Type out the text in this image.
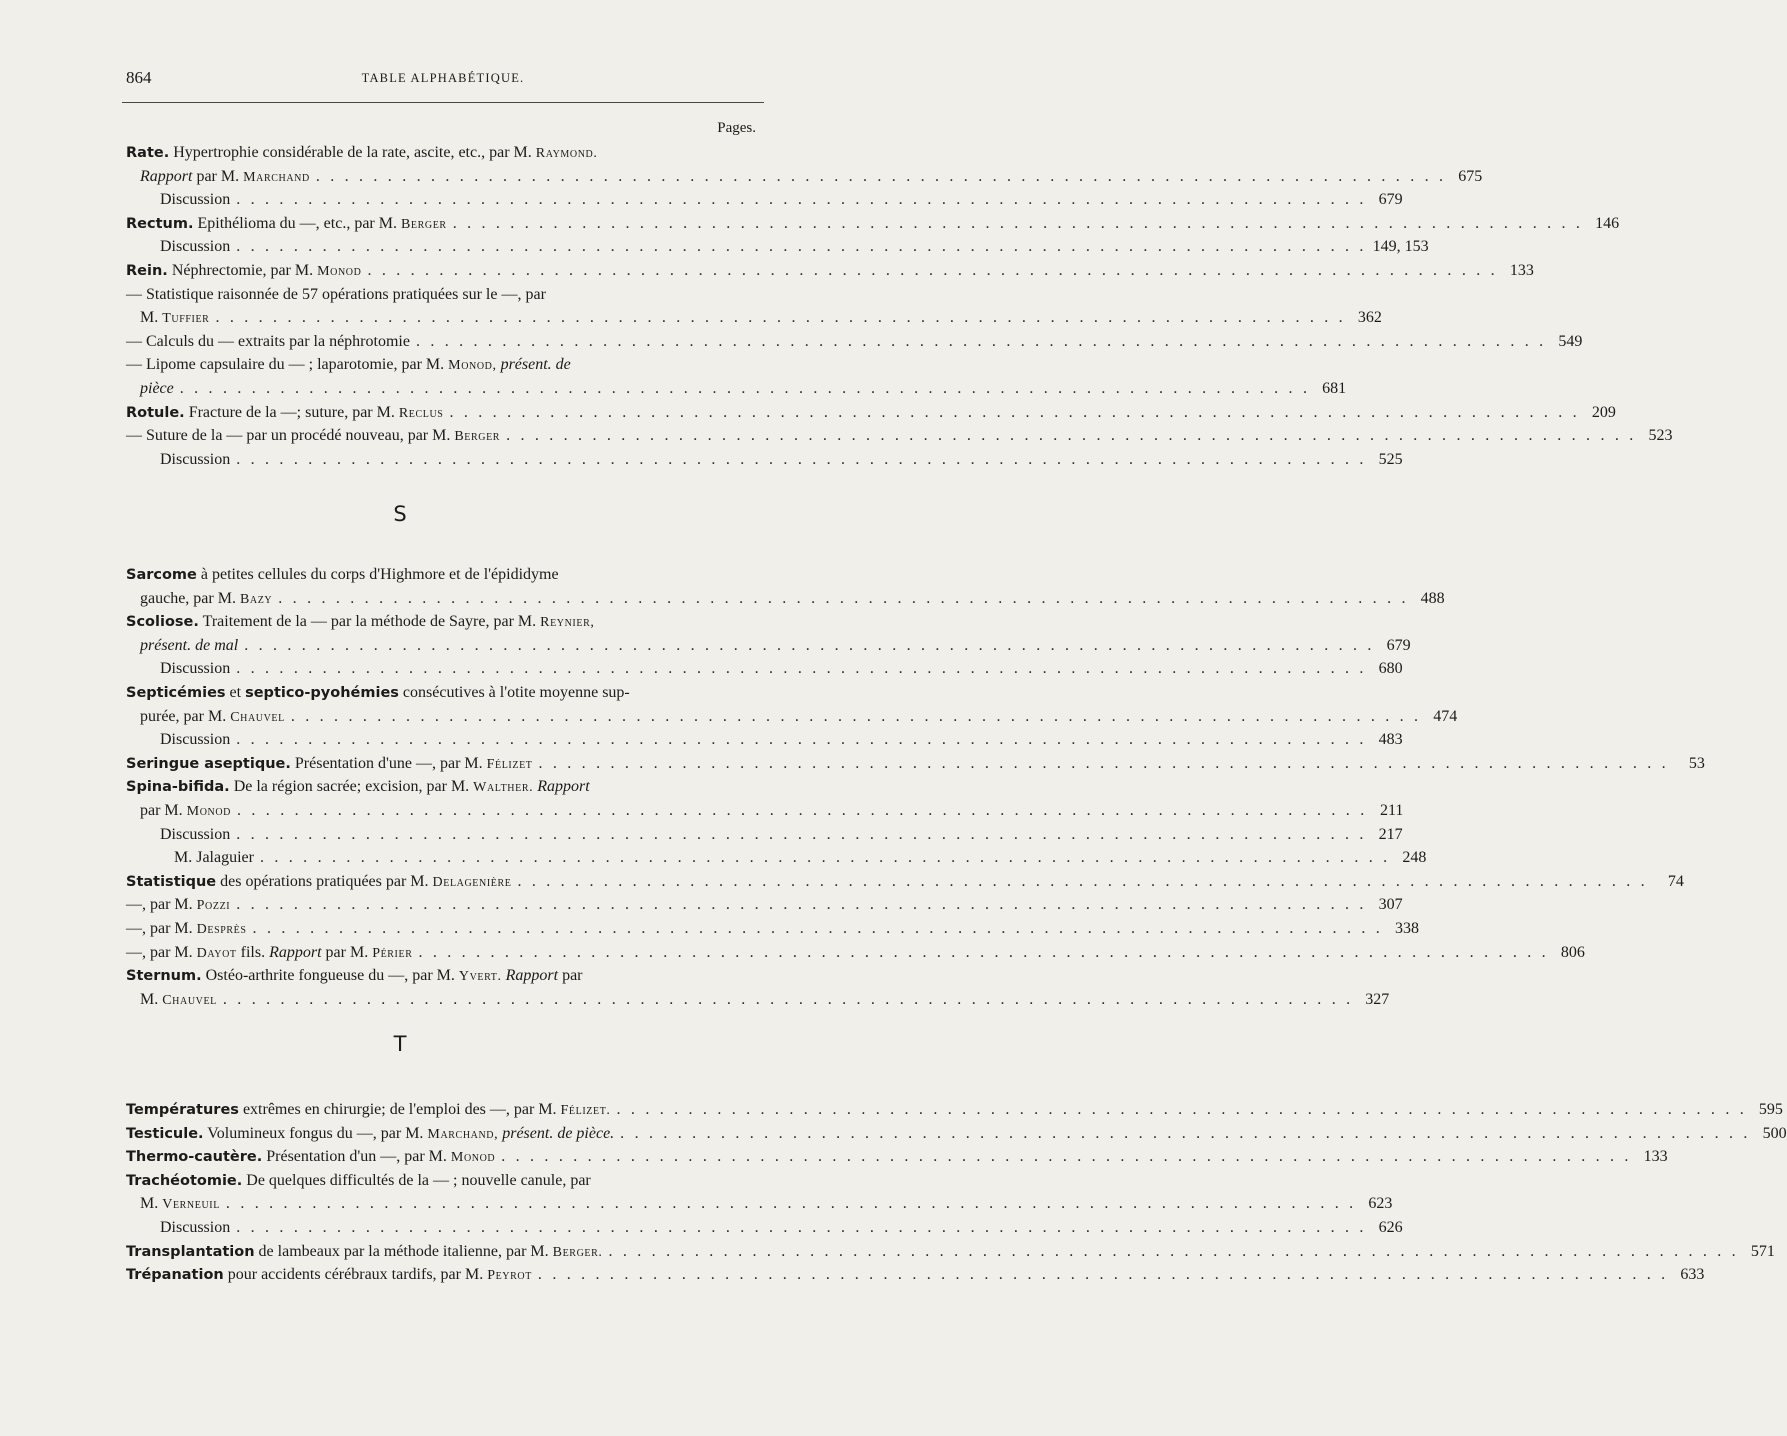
864	TABLE ALPHABÉTIQUE.
Pages.
Rate. Hypertrophie considérable de la rate, ascite, etc., par M. Raymond.
Rapport par M. Marchand . . .	675
Discussion . . .	679
Rectum. Epithélioma du —, etc., par M. Berger . . .	146
Discussion . . .	149, 153
Rein. Néphrectomie, par M. Monod . . .	133
— Statistique raisonnée de 57 opérations pratiquées sur le —, par
M. Tuffier . . .	362
— Calculs du — extraits par la néphrotomie . . .	549
— Lipome capsulaire du — ; laparotomie, par M. Monod, présent. de
pièce . . .	681
Rotule. Fracture de la —; suture, par M. Reclus . . .	209
— Suture de la — par un procédé nouveau, par M. Berger . . .	523
Discussion . . .	525
S
Sarcome à petites cellules du corps d'Highmore et de l'épididyme
gauche, par M. Bazy . . .	488
Scoliose. Traitement de la — par la méthode de Sayre, par M. Reynier,
présent. de mal . . .	679
Discussion . . .	680
Septicémies et septico-pyohémies consécutives à l'otite moyenne sup-
purée, par M. Chauvel . . .	474
Discussion . . .	483
Seringue aseptique. Présentation d'une —, par M. Félizet . . .	53
Spina-bifida. De la région sacrée; excision, par M. Walther. Rapport
par M. Monod . . .	211
Discussion . . .	217
M. Jalaguier . . .	248
Statistique des opérations pratiquées par M. Delagenière . . .	74
—, par M. Pozzi . . .	307
—, par M. Desprès . . .	338
—, par M. Dayot fils. Rapport par M. Périer . . .	806
Sternum. Ostéo-arthrite fongueuse du —, par M. Yvert. Rapport par
M. Chauvel . . .	327
T
Températures extrêmes en chirurgie; de l'emploi des —, par M. Félizet. . . .	595
Testicule. Volumineux fongus du —, par M. Marchand, présent. de pièce. . . .	500
Thermo-cautère. Présentation d'un —, par M. Monod . . .	133
Trachéotomie. De quelques difficultés de la — ; nouvelle canule, par
M. Verneuil . . .	623
Discussion . . .	626
Transplantation de lambeaux par la méthode italienne, par M. Berger. . . .	571
Trépanation pour accidents cérébraux tardifs, par M. Peyrot . . .	633
